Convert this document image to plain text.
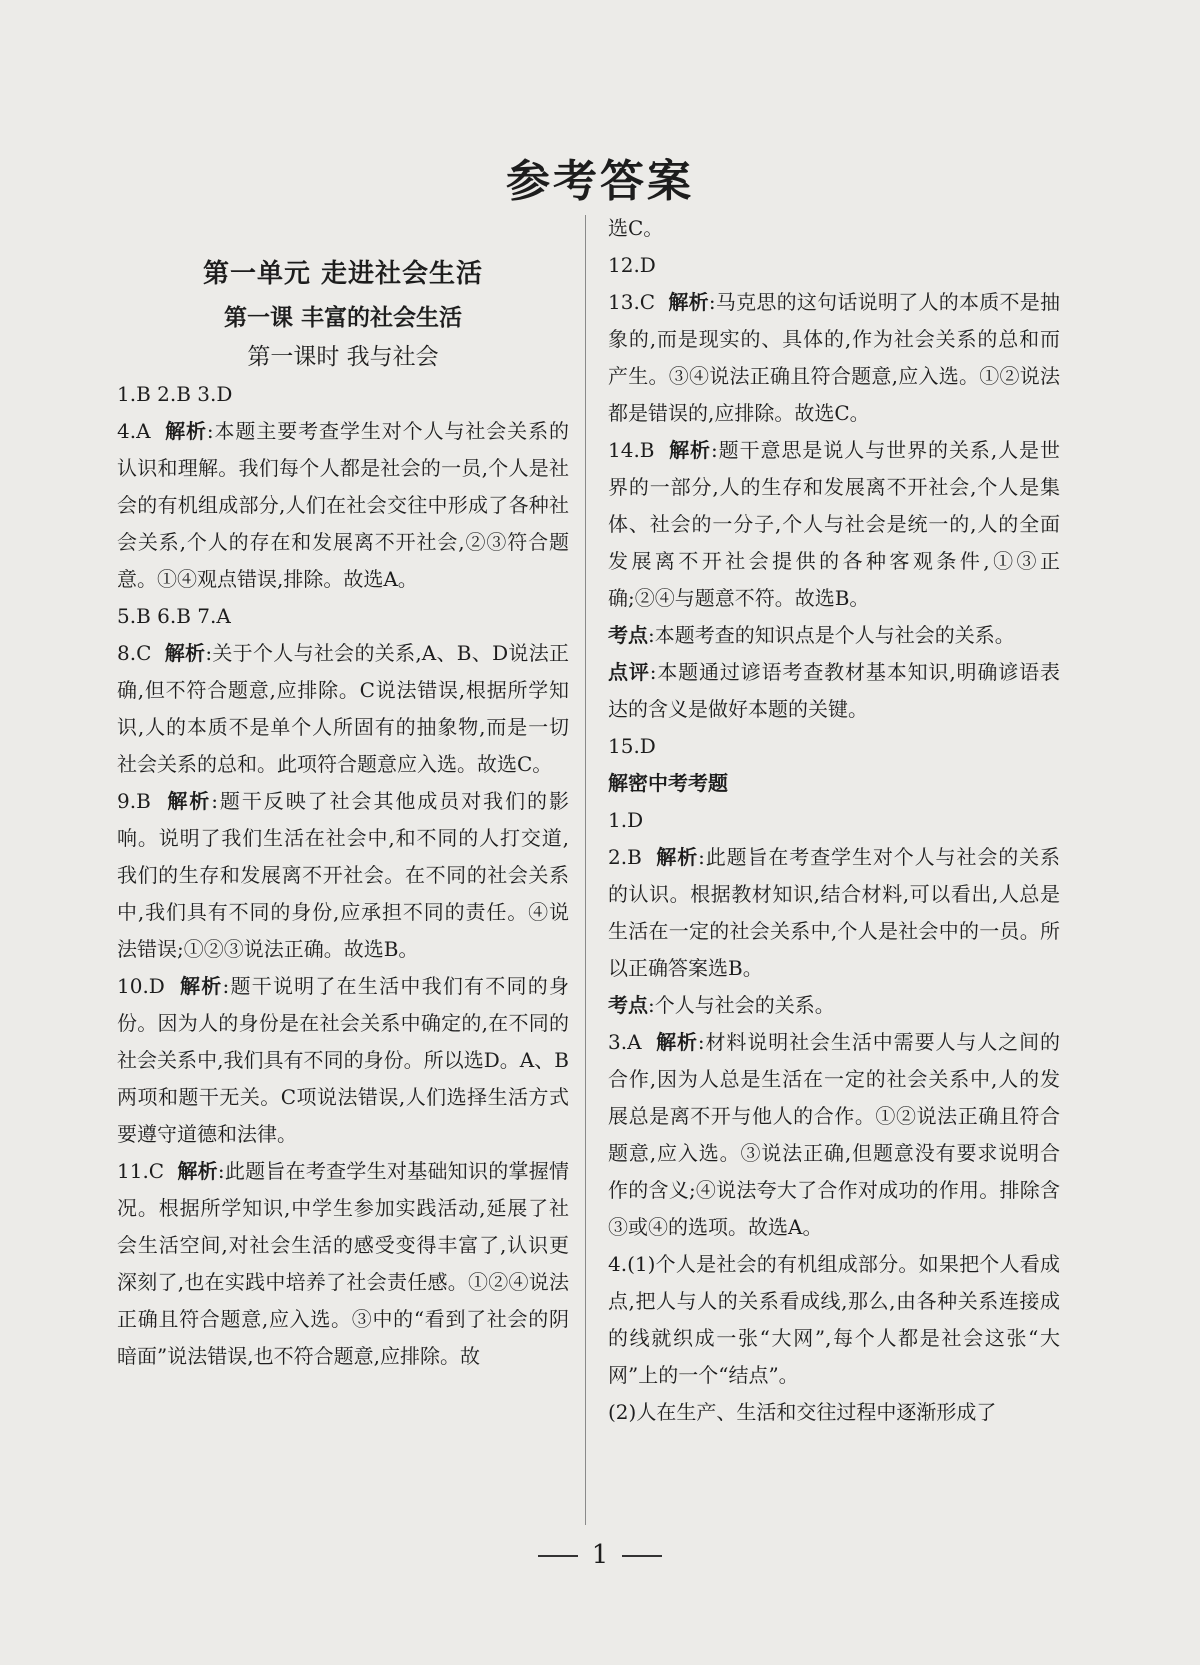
参考答案
第一单元 走进社会生活
第一课 丰富的社会生活
第一课时 我与社会
1.B 2.B 3.D
4.A 解析:本题主要考查学生对个人与社会关系的认识和理解。我们每个人都是社会的一员,个人是社会的有机组成部分,人们在社会交往中形成了各种社会关系,个人的存在和发展离不开社会,②③符合题意。①④观点错误,排除。故选A。
5.B 6.B 7.A
8.C 解析:关于个人与社会的关系,A、B、D说法正确,但不符合题意,应排除。C说法错误,根据所学知识,人的本质不是单个人所固有的抽象物,而是一切社会关系的总和。此项符合题意应入选。故选C。
9.B 解析:题干反映了社会其他成员对我们的影响。说明了我们生活在社会中,和不同的人打交道,我们的生存和发展离不开社会。在不同的社会关系中,我们具有不同的身份,应承担不同的责任。④说法错误;①②③说法正确。故选B。
10.D 解析:题干说明了在生活中我们有不同的身份。因为人的身份是在社会关系中确定的,在不同的社会关系中,我们具有不同的身份。所以选D。A、B两项和题干无关。C项说法错误,人们选择生活方式要遵守道德和法律。
11.C 解析:此题旨在考查学生对基础知识的掌握情况。根据所学知识,中学生参加实践活动,延展了社会生活空间,对社会生活的感受变得丰富了,认识更深刻了,也在实践中培养了社会责任感。①②④说法正确且符合题意,应入选。③中的“看到了社会的阴暗面”说法错误,也不符合题意,应排除。故
选C。
12.D
13.C 解析:马克思的这句话说明了人的本质不是抽象的,而是现实的、具体的,作为社会关系的总和而产生。③④说法正确且符合题意,应入选。①②说法都是错误的,应排除。故选C。
14.B 解析:题干意思是说人与世界的关系,人是世界的一部分,人的生存和发展离不开社会,个人是集体、社会的一分子,个人与社会是统一的,人的全面发展离不开社会提供的各种客观条件,①③正确;②④与题意不符。故选B。
考点:本题考查的知识点是个人与社会的关系。
点评:本题通过谚语考查教材基本知识,明确谚语表达的含义是做好本题的关键。
15.D
解密中考考题
1.D
2.B 解析:此题旨在考查学生对个人与社会的关系的认识。根据教材知识,结合材料,可以看出,人总是生活在一定的社会关系中,个人是社会中的一员。所以正确答案选B。
考点:个人与社会的关系。
3.A 解析:材料说明社会生活中需要人与人之间的合作,因为人总是生活在一定的社会关系中,人的发展总是离不开与他人的合作。①②说法正确且符合题意,应入选。③说法正确,但题意没有要求说明合作的含义;④说法夸大了合作对成功的作用。排除含③或④的选项。故选A。
4.(1)个人是社会的有机组成部分。如果把个人看成点,把人与人的关系看成线,那么,由各种关系连接成的线就织成一张“大网”,每个人都是社会这张“大网”上的一个“结点”。
(2)人在生产、生活和交往过程中逐渐形成了
1
